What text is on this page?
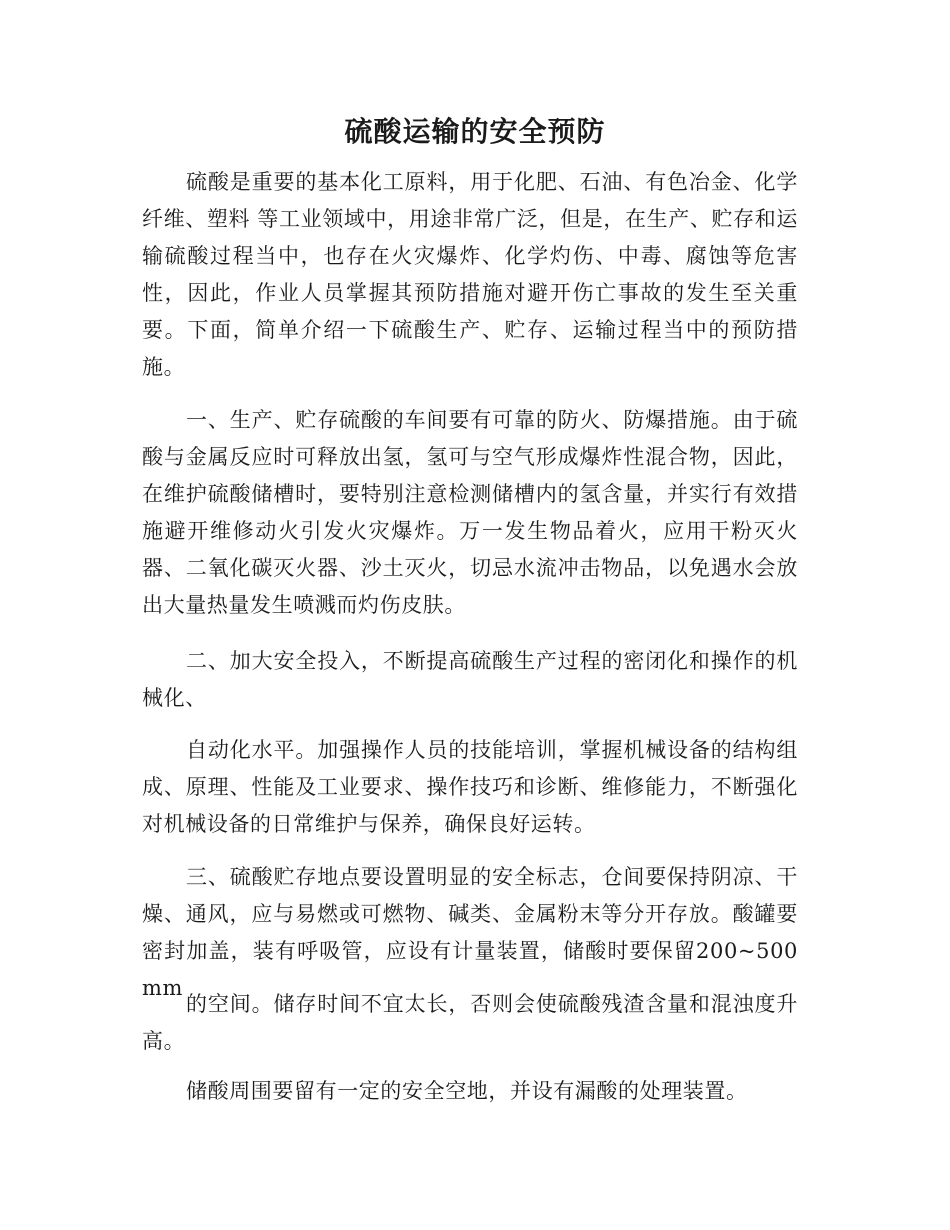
硫酸运输的安全预防

硫酸是重要的基本化工原料，用于化肥、石油、有色冶金、化学纤维、塑料 等工业领域中，用途非常广泛，但是，在生产、贮存和运输硫酸过程当中，也存在火灾爆炸、化学灼伤、中毒、腐蚀等危害性，因此，作业人员掌握其预防措施对避开伤亡事故的发生至关重要。下面，简单介绍一下硫酸生产、贮存、运输过程当中的预防措施。

一、生产、贮存硫酸的车间要有可靠的防火、防爆措施。由于硫酸与金属反应时可释放出氢，氢可与空气形成爆炸性混合物，因此，在维护硫酸储槽时，要特别注意检测储槽内的氢含量，并实行有效措施避开维修动火引发火灾爆炸。万一发生物品着火，应用干粉灭火器、二氧化碳灭火器、沙土灭火，切忌水流冲击物品，以免遇水会放出大量热量发生喷溅而灼伤皮肤。

二、加大安全投入，不断提高硫酸生产过程的密闭化和操作的机械化、

自动化水平。加强操作人员的技能培训，掌握机械设备的结构组成、原理、性能及工业要求、操作技巧和诊断、维修能力，不断强化对机械设备的日常维护与保养，确保良好运转。

三、硫酸贮存地点要设置明显的安全标志，仓间要保持阴凉、干燥、通风，应与易燃或可燃物、碱类、金属粉末等分开存放。酸罐要密封加盖，装有呼吸管，应设有计量装置，储酸时要保留200~500mm

的空间。储存时间不宜太长，否则会使硫酸残渣含量和混浊度升高。

储酸周围要留有一定的安全空地，并设有漏酸的处理装置。
